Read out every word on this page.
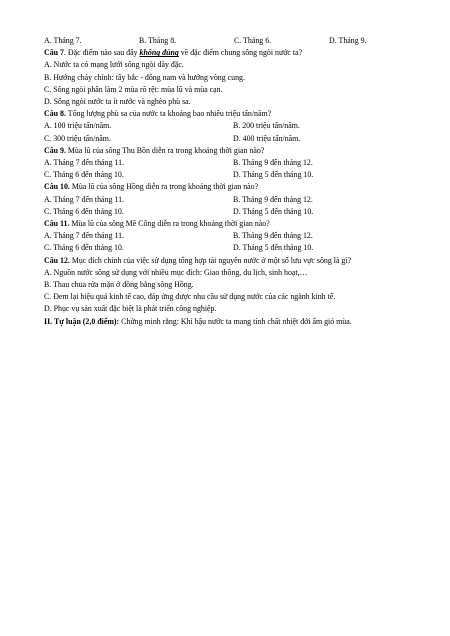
A. Tháng 7.	B. Tháng 8.	C. Tháng 6.	D. Tháng 9.
Câu 7. Đặc điểm nào sau đây không đúng về đặc điểm chung sông ngòi nước ta?
A. Nước ta có mạng lưới sông ngòi dày đặc.
B. Hướng chảy chính: tây bắc - đông nam và hướng vòng cung.
C. Sông ngòi phân làm 2 mùa rõ rệt: mùa lũ và mùa cạn.
D. Sông ngòi nước ta ít nước và nghèo phù sa.
Câu 8. Tổng lượng phù sa của nước ta khoảng bao nhiêu triệu tấn/năm?
A. 100 triệu tấn/năm.	B. 200 triệu tấn/năm.
C. 300 triệu tấn/năm.	D. 400 triệu tấn/năm.
Câu 9. Mùa lũ của sông Thu Bồn diễn ra trong khoảng thời gian nào?
A. Tháng 7 đến tháng 11.	B. Tháng 9 đến tháng 12.
C. Tháng 6 đến tháng 10.	D. Tháng 5 đến tháng 10.
Câu 10. Mùa lũ của sông Hồng diễn ra trong khoảng thời gian nào?
A. Tháng 7 đến tháng 11.	B. Tháng 9 đến tháng 12.
C. Tháng 6 đến tháng 10.	D. Tháng 5 đến tháng 10.
Câu 11. Mùa lũ của sông Mê Công diễn ra trong khoảng thời gian nào?
A. Tháng 7 đến tháng 11.	B. Tháng 9 đến tháng 12.
C. Tháng 6 đến tháng 10.	D. Tháng 5 đến tháng 10.
Câu 12. Mục đích chính của việc sử dụng tổng hợp tài nguyên nước ở một số lưu vực sông là gì?
A. Nguồn nước sông sử dụng với nhiều mục đích: Giao thông, du lịch, sinh hoạt,…
B. Thau chua rửa mặn ở đồng bằng sông Hồng.
C. Đem lại hiệu quả kinh tế cao, đáp ứng được nhu cầu sử dụng nước của các ngành kinh tế.
D. Phục vụ sản xuất đặc biệt là phát triển công nghiệp.
II. Tự luận (2,0 điểm): Chứng minh rằng: Khí hậu nước ta mang tính chất nhiệt đới ẩm gió mùa.
